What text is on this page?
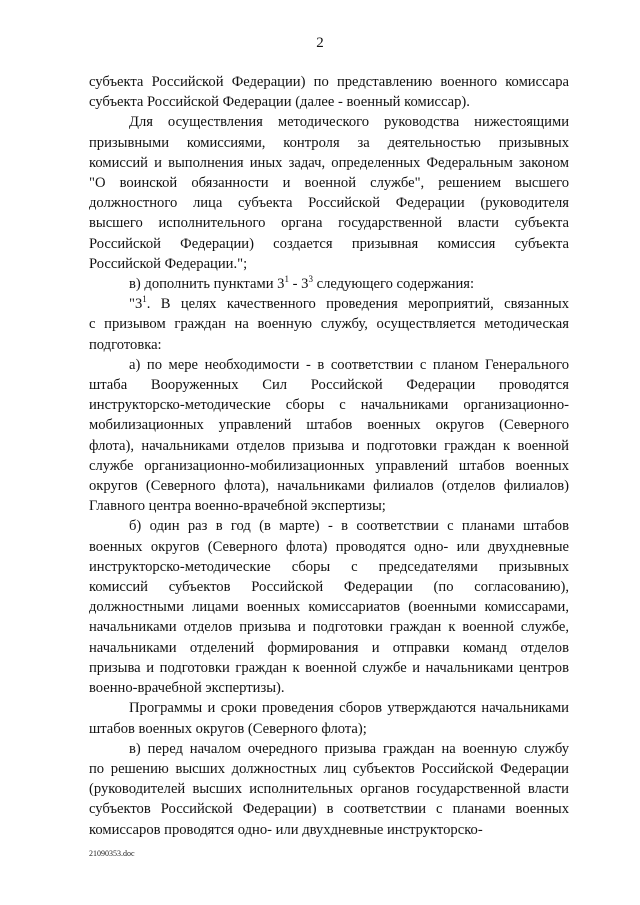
2
субъекта Российской Федерации) по представлению военного комиссара
субъекта Российской Федерации (далее - военный комиссар).
Для осуществления методического руководства нижестоящими
призывными комиссиями, контроля за деятельностью призывных
комиссий и выполнения иных задач, определенных Федеральным законом
"О воинской обязанности и военной службе", решением высшего
должностного лица субъекта Российской Федерации (руководителя
высшего исполнительного органа государственной власти субъекта
Российской Федерации) создается призывная комиссия субъекта
Российской Федерации.";
в) дополнить пунктами $3^1 - 3^3$ следующего содержания:
"$3^1$. В целях качественного проведения мероприятий, связанных
с призывом граждан на военную службу, осуществляется методическая
подготовка:
а) по мере необходимости - в соответствии с планом Генерального
штаба Вооруженных Сил Российской Федерации проводятся
инструкторско-методические сборы с начальниками организационно-
мобилизационных управлений штабов военных округов (Северного
флота), начальниками отделов призыва и подготовки граждан к военной
службе организационно-мобилизационных управлений штабов военных
округов (Северного флота), начальниками филиалов (отделов филиалов)
Главного центра военно-врачебной экспертизы;
б) один раз в год (в марте) - в соответствии с планами штабов
военных округов (Северного флота) проводятся одно- или двухдневные
инструкторско-методические сборы с председателями призывных
комиссий субъектов Российской Федерации (по согласованию),
должностными лицами военных комиссариатов (военными комиссарами,
начальниками отделов призыва и подготовки граждан к военной службе,
начальниками отделений формирования и отправки команд отделов
призыва и подготовки граждан к военной службе и начальниками центров
военно-врачебной экспертизы).
Программы и сроки проведения сборов утверждаются начальниками
штабов военных округов (Северного флота);
в) перед началом очередного призыва граждан на военную службу
по решению высших должностных лиц субъектов Российской Федерации
(руководителей высших исполнительных органов государственной власти
субъектов Российской Федерации) в соответствии с планами военных
комиссаров проводятся одно- или двухдневные инструкторско-
21090353.doc
